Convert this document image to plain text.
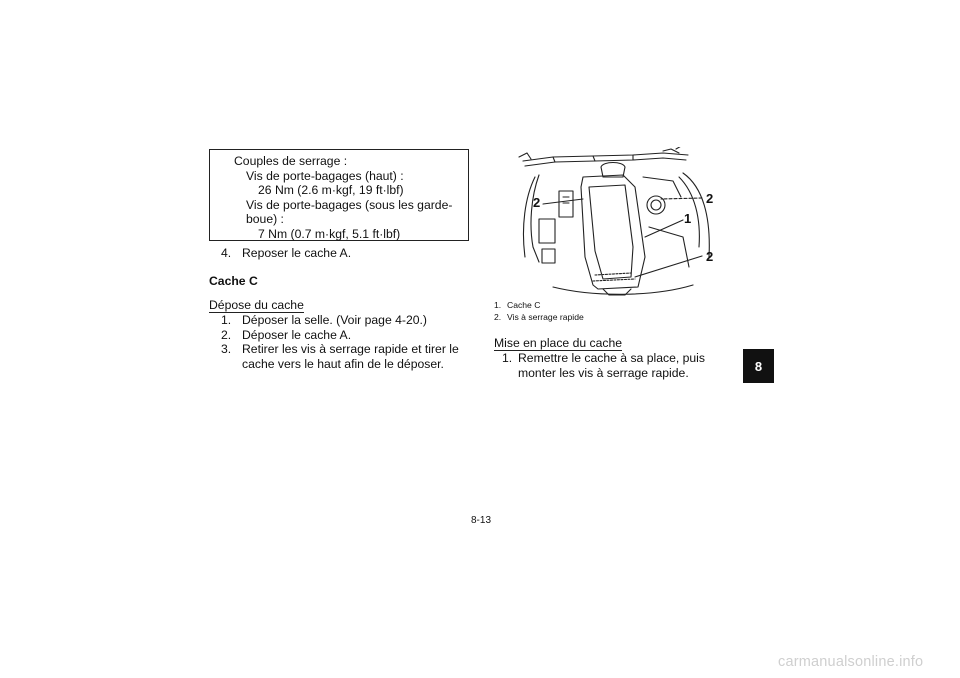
Couples de serrage :
Vis de porte-bagages (haut) :
26 Nm (2.6 m·kgf, 19 ft·lbf)
Vis de porte-bagages (sous les garde-
boue) :
7 Nm (0.7 m·kgf, 5.1 ft·lbf)
4. Reposer le cache A.
Cache C
Dépose du cache
1. Déposer la selle. (Voir page 4-20.)
2. Déposer le cache A.
3. Retirer les vis à serrage rapide et tirer le cache vers le haut afin de le déposer.
2	2
1
2
1. Cache C
2. Vis à serrage rapide
Mise en place du cache
1. Remettre le cache à sa place, puis monter les vis à serrage rapide.	8
8-13
carmanualsonline.info
